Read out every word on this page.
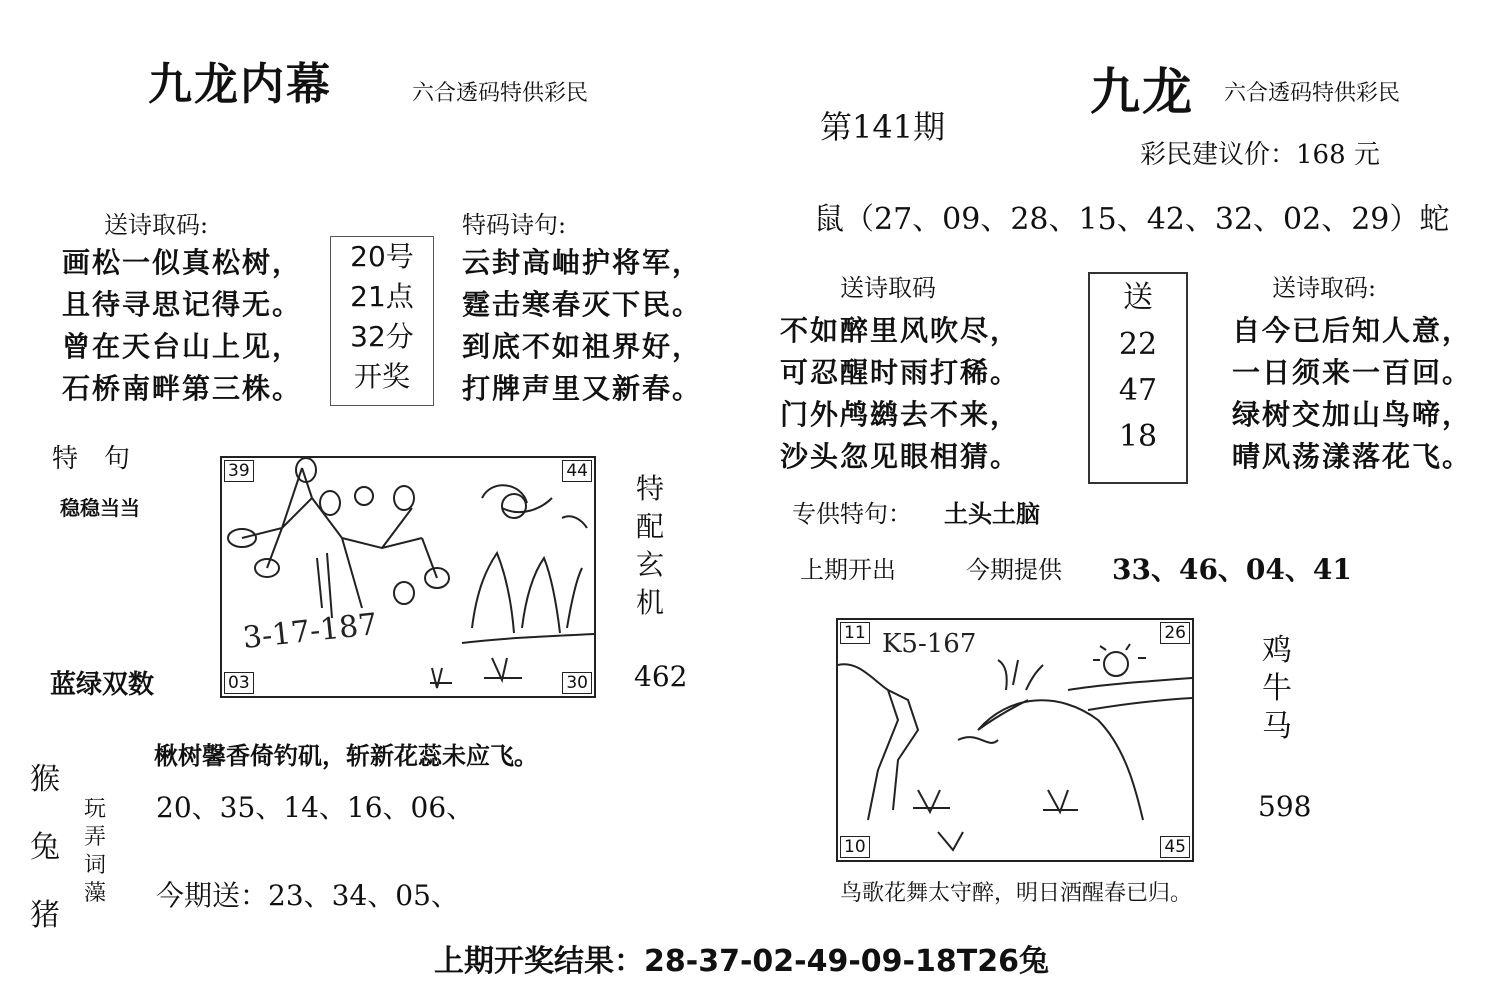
九龙内幕	六合透码特供彩民
送诗取码:
画松一似真松树，
且待寻思记得无。
曾在天台山上见，
石桥南畔第三株。
20号
21点
32分
开奖
特码诗句:
云封高岫护将军，
霆击寒春灭下民。
到底不如祖界好，
打牌声里又新春。
特　句
稳稳当当
蓝绿双数
3-17-187
39	44
03	30
特
配
玄
机
462
猴
兔
猪
玩
弄
词
藻
楸树馨香倚钓矶，斩新花蕊未应飞。
20、35、14、16、06、
今期送：23、34、05、
九龙 六合透码特供彩民
第141期
彩民建议价：168 元
鼠（27、09、28、15、42、32、02、29）蛇
送诗取码
不如醉里风吹尽，
可忍醒时雨打稀。
门外鸬鹚去不来，
沙头忽见眼相猜。
送
22
47
18
送诗取码:
自今已后知人意，
一日须来一百回。
绿树交加山鸟啼，
晴风荡漾落花飞。
专供特句： 土头土脑
上期开出	今期提供 33、46、04、41
K5-167
11	26
10	45
鸡
牛
马
598
鸟歌花舞太守醉，明日酒醒春已归。
上期开奖结果：28-37-02-49-09-18T26兔
